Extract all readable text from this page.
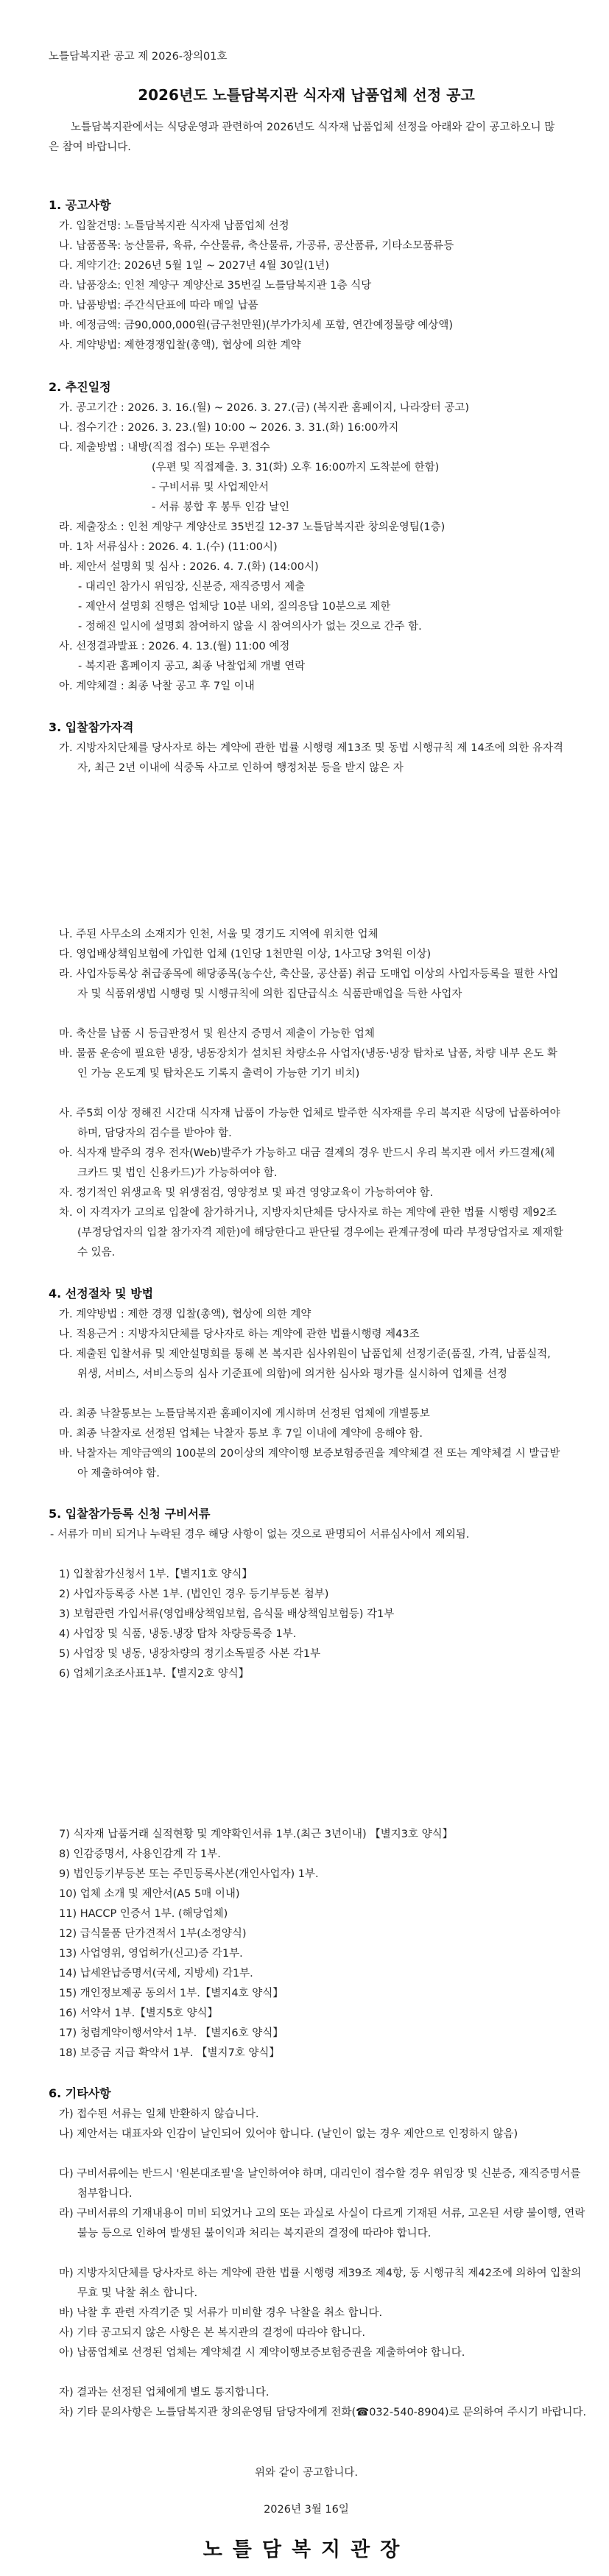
노틀담복지관 공고 제 2026-창의01호
2026년도 노틀담복지관 식자재 납품업체 선정 공고
노틀담복지관에서는 식당운영과 관련하여 2026년도 식자재 납품업체 선정을 아래와 같이 공고하오니 많은 참여 바랍니다.
1. 공고사항
가. 입찰건명: 노틀담복지관 식자재 납품업체 선정
나. 납품품목: 농산물류, 육류, 수산물류, 축산물류, 가공류, 공산품류, 기타소모품류등
다. 계약기간: 2026년 5월 1일 ~ 2027년 4월 30일(1년)
라. 납품장소: 인천 계양구 계양산로 35번길 노틀담복지관 1층 식당
마. 납품방법: 주간식단표에 따라 매일 납품
바. 예정금액: 금90,000,000원(금구천만원)(부가가치세 포함, 연간예정물량 예상액)
사. 계약방법: 제한경쟁입찰(총액), 협상에 의한 계약
2. 추진일정
가. 공고기간 : 2026. 3. 16.(월) ~ 2026. 3. 27.(금) (복지관 홈페이지, 나라장터 공고)
나. 접수기간 : 2026. 3. 23.(월) 10:00 ~ 2026. 3. 31.(화) 16:00까지
다. 제출방법 : 내방(직접 접수) 또는 우편접수
(우편 및 직접제출. 3. 31(화) 오후 16:00까지 도착분에 한함)
- 구비서류 및 사업제안서
- 서류 봉합 후 봉투 인감 날인
라. 제출장소 : 인천 계양구 계양산로 35번길 12-37 노틀담복지관 창의운영팀(1층)
마. 1차 서류심사 : 2026. 4. 1.(수) (11:00시)
바. 제안서 설명회 및 심사 : 2026. 4. 7.(화) (14:00시)
- 대리인 참가시 위임장, 신분증, 재직증명서 제출
- 제안서 설명회 진행은 업체당 10분 내외, 질의응답 10분으로 제한
- 정해진 일시에 설명회 참여하지 않을 시 참여의사가 없는 것으로 간주 함.
사. 선정결과발표 : 2026. 4. 13.(월) 11:00 예정
- 복지관 홈페이지 공고, 최종 낙찰업체 개별 연락
아. 계약체결 : 최종 낙찰 공고 후 7일 이내
3. 입찰참가자격
가. 지방자치단체를 당사자로 하는 계약에 관한 법률 시행령 제13조 및 동법 시행규칙 제 14조에 의한 유자격자, 최근 2년 이내에 식중독 사고로 인하여 행정처분 등을 받지 않은 자
나. 주된 사무소의 소재지가 인천, 서울 및 경기도 지역에 위치한 업체
다. 영업배상책임보험에 가입한 업체 (1인당 1천만원 이상, 1사고당 3억원 이상)
라. 사업자등록상 취급종목에 해당종목(농수산, 축산물, 공산품) 취급 도매업 이상의 사업자등록을 필한 사업자 및 식품위생법 시행령 및 시행규칙에 의한 집단급식소 식품판매업을 득한 사업자
마. 축산물 납품 시 등급판정서 및 원산지 증명서 제출이 가능한 업체
바. 물품 운송에 필요한 냉장, 냉동장치가 설치된 차량소유 사업자(냉동·냉장 탑차로 납품, 차량 내부 온도 확인 가능 온도계 및 탑차온도 기록지 출력이 가능한 기기 비치)
사. 주5회 이상 정해진 시간대 식자재 납품이 가능한 업체로 발주한 식자재를 우리 복지관 식당에 납품하여야하며, 담당자의 검수를 받아야 함.
아. 식자재 발주의 경우 전자(Web)발주가 가능하고 대금 결제의 경우 반드시 우리 복지관 에서 카드결제(체크카드 및 법인 신용카드)가 가능하여야 함.
자. 정기적인 위생교육 및 위생점검, 영양정보 및 파견 영양교육이 가능하여야 함.
차. 이 자격자가 고의로 입찰에 참가하거나, 지방자치단체를 당사자로 하는 계약에 관한 법률 시행령 제92조(부정당업자의 입찰 참가자격 제한)에 해당한다고 판단될 경우에는 관계규정에 따라 부정당업자로 제재할 수 있음.
4. 선정절차 및 방법
가. 계약방법 : 제한 경쟁 입찰(총액), 협상에 의한 계약
나. 적용근거 : 지방자치단체를 당사자로 하는 계약에 관한 법률시행령 제43조
다. 제출된 입찰서류 및 제안설명회를 통해 본 복지관 심사위원이 납품업체 선정기준(품질, 가격, 납품실적, 위생, 서비스, 서비스등의 심사 기준표에 의함)에 의거한 심사와 평가를 실시하여 업체를 선정
라. 최종 낙찰통보는 노틀담복지관 홈페이지에 게시하며 선정된 업체에 개별통보
마. 최종 낙찰자로 선정된 업체는 낙찰자 통보 후 7일 이내에 계약에 응해야 함.
바. 낙찰자는 계약금액의 100분의 20이상의 계약이행 보증보험증권을 계약체결 전 또는 계약체결 시 발급받아 제출하여야 함.
5. 입찰참가등록 신청 구비서류
- 서류가 미비 되거나 누락된 경우 해당 사항이 없는 것으로 판명되어 서류심사에서 제외됨.
1) 입찰참가신청서 1부.【별지1호 양식】
2) 사업자등록증 사본 1부. (법인인 경우 등기부등본 첨부)
3) 보험관련 가입서류(영업배상책임보험, 음식물 배상책임보험등) 각1부
4) 사업장 및 식품, 냉동.냉장 탑차 차량등록증 1부.
5) 사업장 및 냉동, 냉장차량의 정기소독필증 사본 각1부
6) 업체기초조사표1부.【별지2호 양식】
7) 식자재 납품거래 실적현황 및 계약확인서류 1부.(최근 3년이내) 【별지3호 양식】
8) 인감증명서, 사용인감계 각 1부.
9) 법인등기부등본 또는 주민등록사본(개인사업자) 1부.
10) 업체 소개 및 제안서(A5 5매 이내)
11) HACCP 인증서 1부. (해당업체)
12) 급식물품 단가견적서 1부(소정양식)
13) 사업영위, 영업허가(신고)증 각1부.
14) 납세완납증명서(국세, 지방세) 각1부.
15) 개인정보제공 동의서 1부.【별지4호 양식】
16) 서약서 1부.【별지5호 양식】
17) 청렴계약이행서약서 1부. 【별지6호 양식】
18) 보증금 지급 확약서 1부. 【별지7호 양식】
6. 기타사항
가) 접수된 서류는 일체 반환하지 않습니다.
나) 제안서는 대표자와 인감이 날인되어 있어야 합니다. (날인이 없는 경우 제안으로 인정하지 않음)
다) 구비서류에는 반드시 '원본대조필'을 날인하여야 하며, 대리인이 접수할 경우 위임장 및 신분증, 재직증명서를 첨부합니다.
라) 구비서류의 기재내용이 미비 되었거나 고의 또는 과실로 사실이 다르게 기재된 서류, 고온된 서량 불이행, 연락 불능 등으로 인하여 발생된 불이익과 처리는 복지관의 결정에 따라야 합니다.
마) 지방자치단체를 당사자로 하는 계약에 관한 법률 시행령 제39조 제4항, 동 시행규칙 제42조에 의하여 입찰의 무효 및 낙찰 취소 합니다.
바) 낙찰 후 관련 자격기준 및 서류가 미비할 경우 낙찰을 취소 합니다.
사) 기타 공고되지 않은 사항은 본 복지관의 결정에 따라야 합니다.
아) 납품업체로 선정된 업체는 계약체결 시 계약이행보증보험증권을 제출하여야 합니다.
자) 결과는 선정된 업체에게 별도 통지합니다.
차) 기타 문의사항은 노틀담복지관 창의운영팀 담당자에게 전화(☎032-540-8904)로 문의하여 주시기 바랍니다.
위와 같이 공고합니다.
2026년 3월 16일
노틀담복지관장
